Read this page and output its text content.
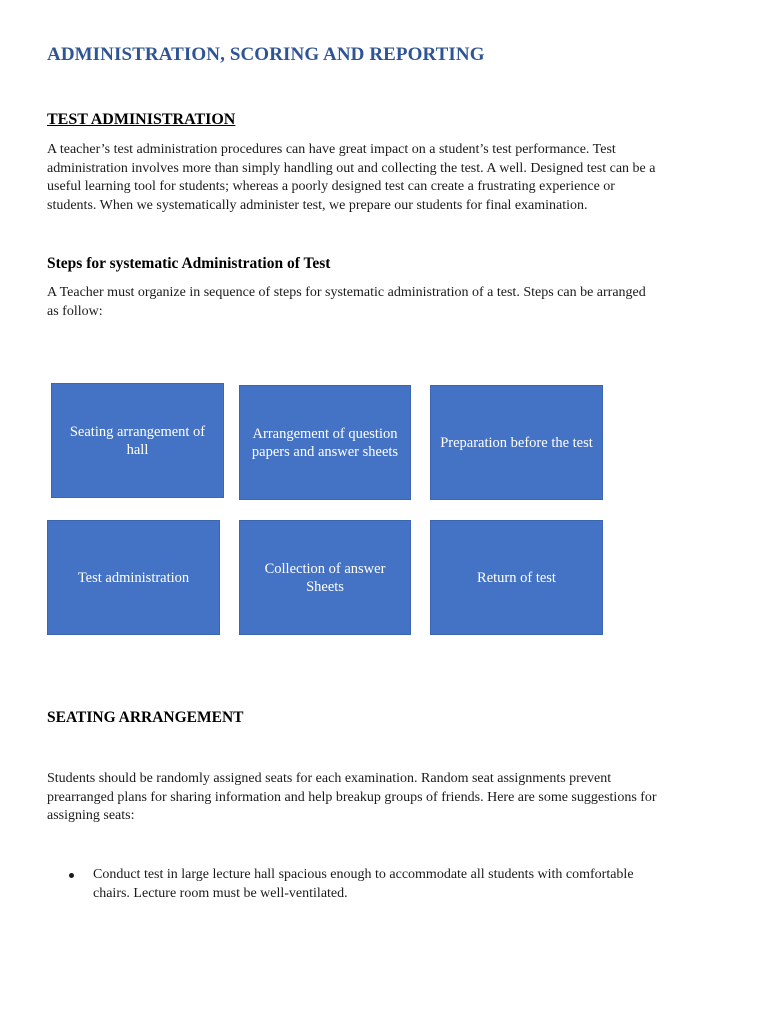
ADMINISTRATION, SCORING AND REPORTING
TEST ADMINISTRATION
A teacher’s test administration procedures can have great impact on a student’s test performance. Test
administration involves more than simply handling out and collecting the test. A well. Designed test can be a
useful learning tool for students; whereas a poorly designed test can create a frustrating experience or
students. When we systematically administer test, we prepare our students for final examination.
Steps for systematic Administration of Test
A Teacher must organize in sequence of steps for systematic administration of a test. Steps can be arranged
as follow:
Seating arrangement of hall
Arrangement of question papers and answer sheets
Preparation before the test
Test administration
Collection of answer Sheets
Return of test
SEATING ARRANGEMENT
Students should be randomly assigned seats for each examination. Random seat assignments prevent
prearranged plans for sharing information and help breakup groups of friends. Here are some suggestions for
assigning seats:
Conduct test in large lecture hall spacious enough to accommodate all students with comfortable
chairs. Lecture room must be well-ventilated.
